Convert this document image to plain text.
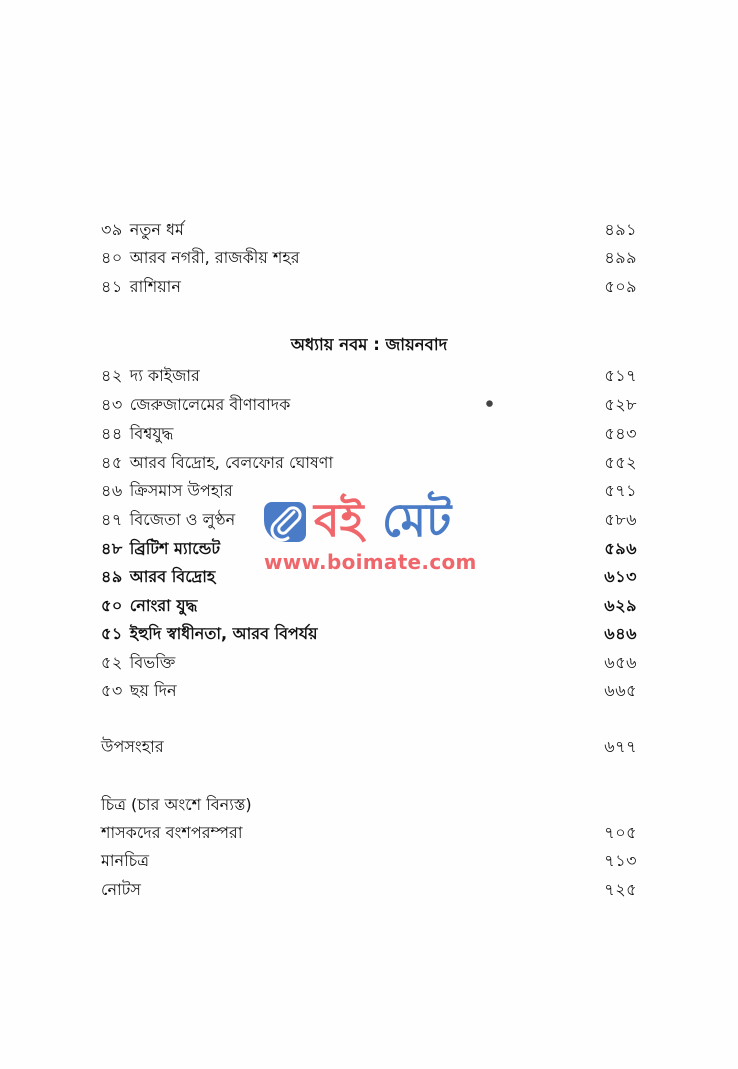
৩৯ নতুন ধর্ম	৪৯১
৪০ আরব নগরী, রাজকীয় শহর	৪৯৯
৪১ রাশিয়ান	৫০৯
অধ্যায় নবম : জায়নবাদ
৪২ দ্য কাইজার	৫১৭
৪৩ জেরুজালেমের বীণাবাদক	৫২৮
৪৪ বিশ্বযুদ্ধ	৫৪৩
৪৫ আরব বিদ্রোহ, বেলফোর ঘোষণা	৫৫২
৪৬ ক্রিসমাস উপহার	৫৭১
৪৭ বিজেতা ও লুণ্ঠন	৫৮৬
৪৮ ব্রিটিশ ম্যান্ডেট	৫৯৬
৪৯ আরব বিদ্রোহ	৬১৩
৫০ নোংরা যুদ্ধ	৬২৯
৫১ ইহুদি স্বাধীনতা, আরব বিপর্যয়	৬৪৬
৫২ বিভক্তি	৬৫৬
৫৩ ছয় দিন	৬৬৫
উপসংহার	৬৭৭
চিত্র (চার অংশে বিন্যস্ত)
শাসকদের বংশপরম্পরা	৭০৫
মানচিত্র	৭১৩
নোটস	৭২৫
বই মেট
www.boimate.com
